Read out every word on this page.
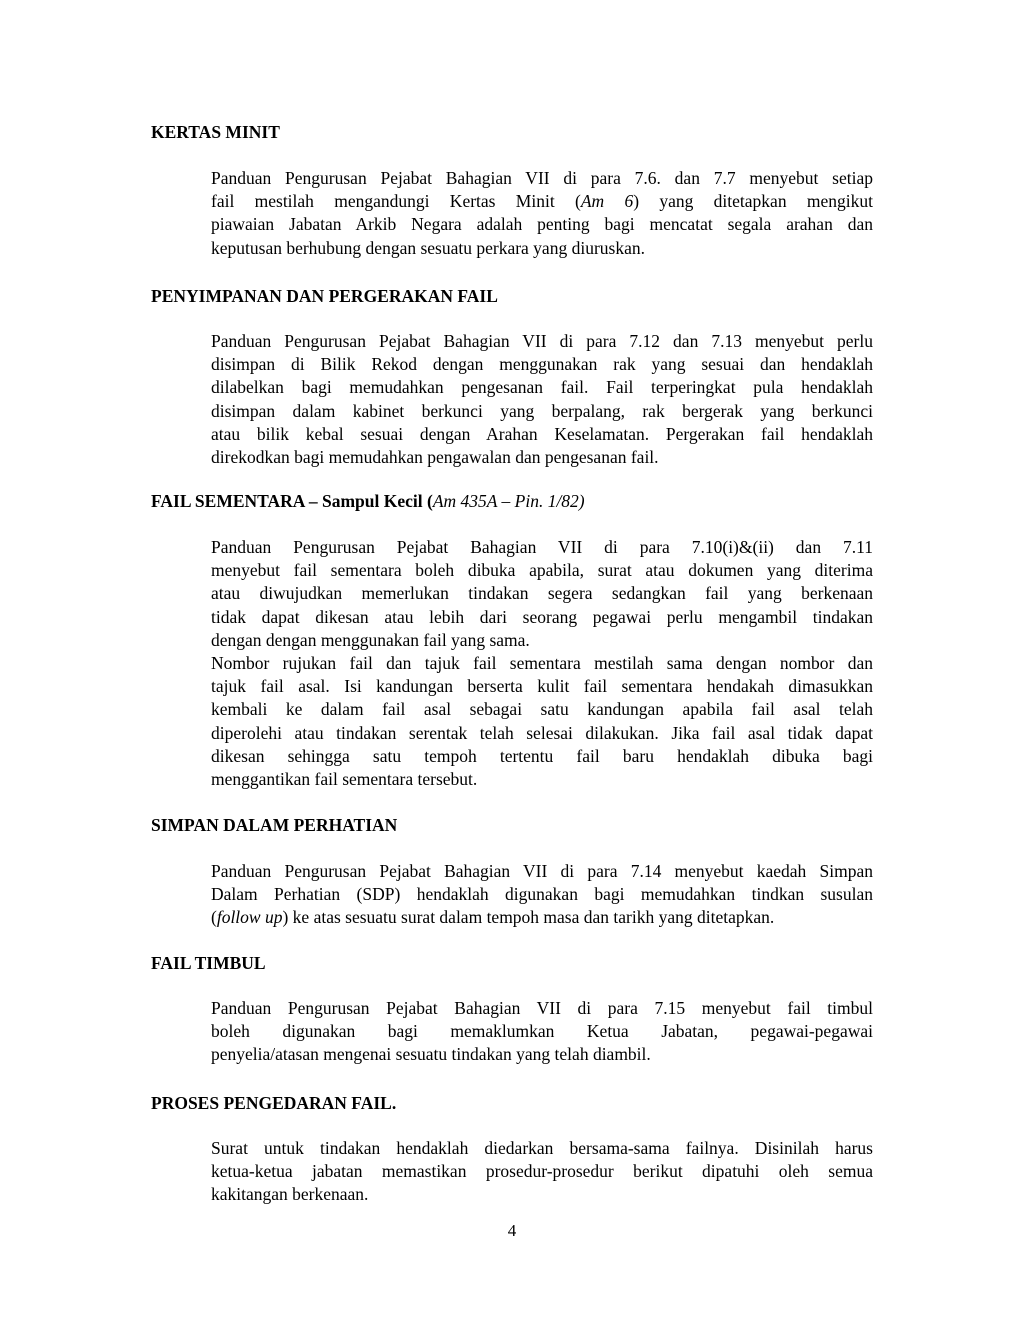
KERTAS MINIT
Panduan Pengurusan Pejabat Bahagian VII di para 7.6. dan 7.7 menyebut setiap
fail mestilah mengandungi Kertas Minit (Am 6) yang ditetapkan mengikut
piawaian Jabatan Arkib Negara adalah penting bagi mencatat segala arahan dan
keputusan berhubung dengan sesuatu perkara yang diuruskan.
PENYIMPANAN DAN PERGERAKAN FAIL
Panduan Pengurusan Pejabat Bahagian VII di para 7.12 dan 7.13 menyebut perlu
disimpan di Bilik Rekod dengan menggunakan rak yang sesuai dan hendaklah
dilabelkan bagi memudahkan pengesanan fail. Fail terperingkat pula hendaklah
disimpan dalam kabinet berkunci yang berpalang, rak bergerak yang berkunci
atau bilik kebal sesuai dengan Arahan Keselamatan. Pergerakan fail hendaklah
direkodkan bagi memudahkan pengawalan dan pengesanan fail.
FAIL SEMENTARA – Sampul Kecil (Am 435A – Pin. 1/82)
Panduan Pengurusan Pejabat Bahagian VII di para 7.10(i)&(ii) dan 7.11
menyebut fail sementara boleh dibuka apabila, surat atau dokumen yang diterima
atau diwujudkan memerlukan tindakan segera sedangkan fail yang berkenaan
tidak dapat dikesan atau lebih dari seorang pegawai perlu mengambil tindakan
dengan dengan menggunakan fail yang sama.
Nombor rujukan fail dan tajuk fail sementara mestilah sama dengan nombor dan
tajuk fail asal. Isi kandungan berserta kulit fail sementara hendakah dimasukkan
kembali ke dalam fail asal sebagai satu kandungan apabila fail asal telah
diperolehi atau tindakan serentak telah selesai dilakukan. Jika fail asal tidak dapat
dikesan sehingga satu tempoh tertentu fail baru hendaklah dibuka bagi
menggantikan fail sementara tersebut.
SIMPAN DALAM PERHATIAN
Panduan Pengurusan Pejabat Bahagian VII di para 7.14 menyebut kaedah Simpan
Dalam Perhatian (SDP) hendaklah digunakan bagi memudahkan tindkan susulan
(follow up) ke atas sesuatu surat dalam tempoh masa dan tarikh yang ditetapkan.
FAIL TIMBUL
Panduan Pengurusan Pejabat Bahagian VII di para 7.15 menyebut fail timbul
boleh digunakan bagi memaklumkan Ketua Jabatan, pegawai-pegawai
penyelia/atasan mengenai sesuatu tindakan yang telah diambil.
PROSES PENGEDARAN FAIL.
Surat untuk tindakan hendaklah diedarkan bersama-sama failnya. Disinilah harus
ketua-ketua jabatan memastikan prosedur-prosedur berikut dipatuhi oleh semua
kakitangan berkenaan.
4
